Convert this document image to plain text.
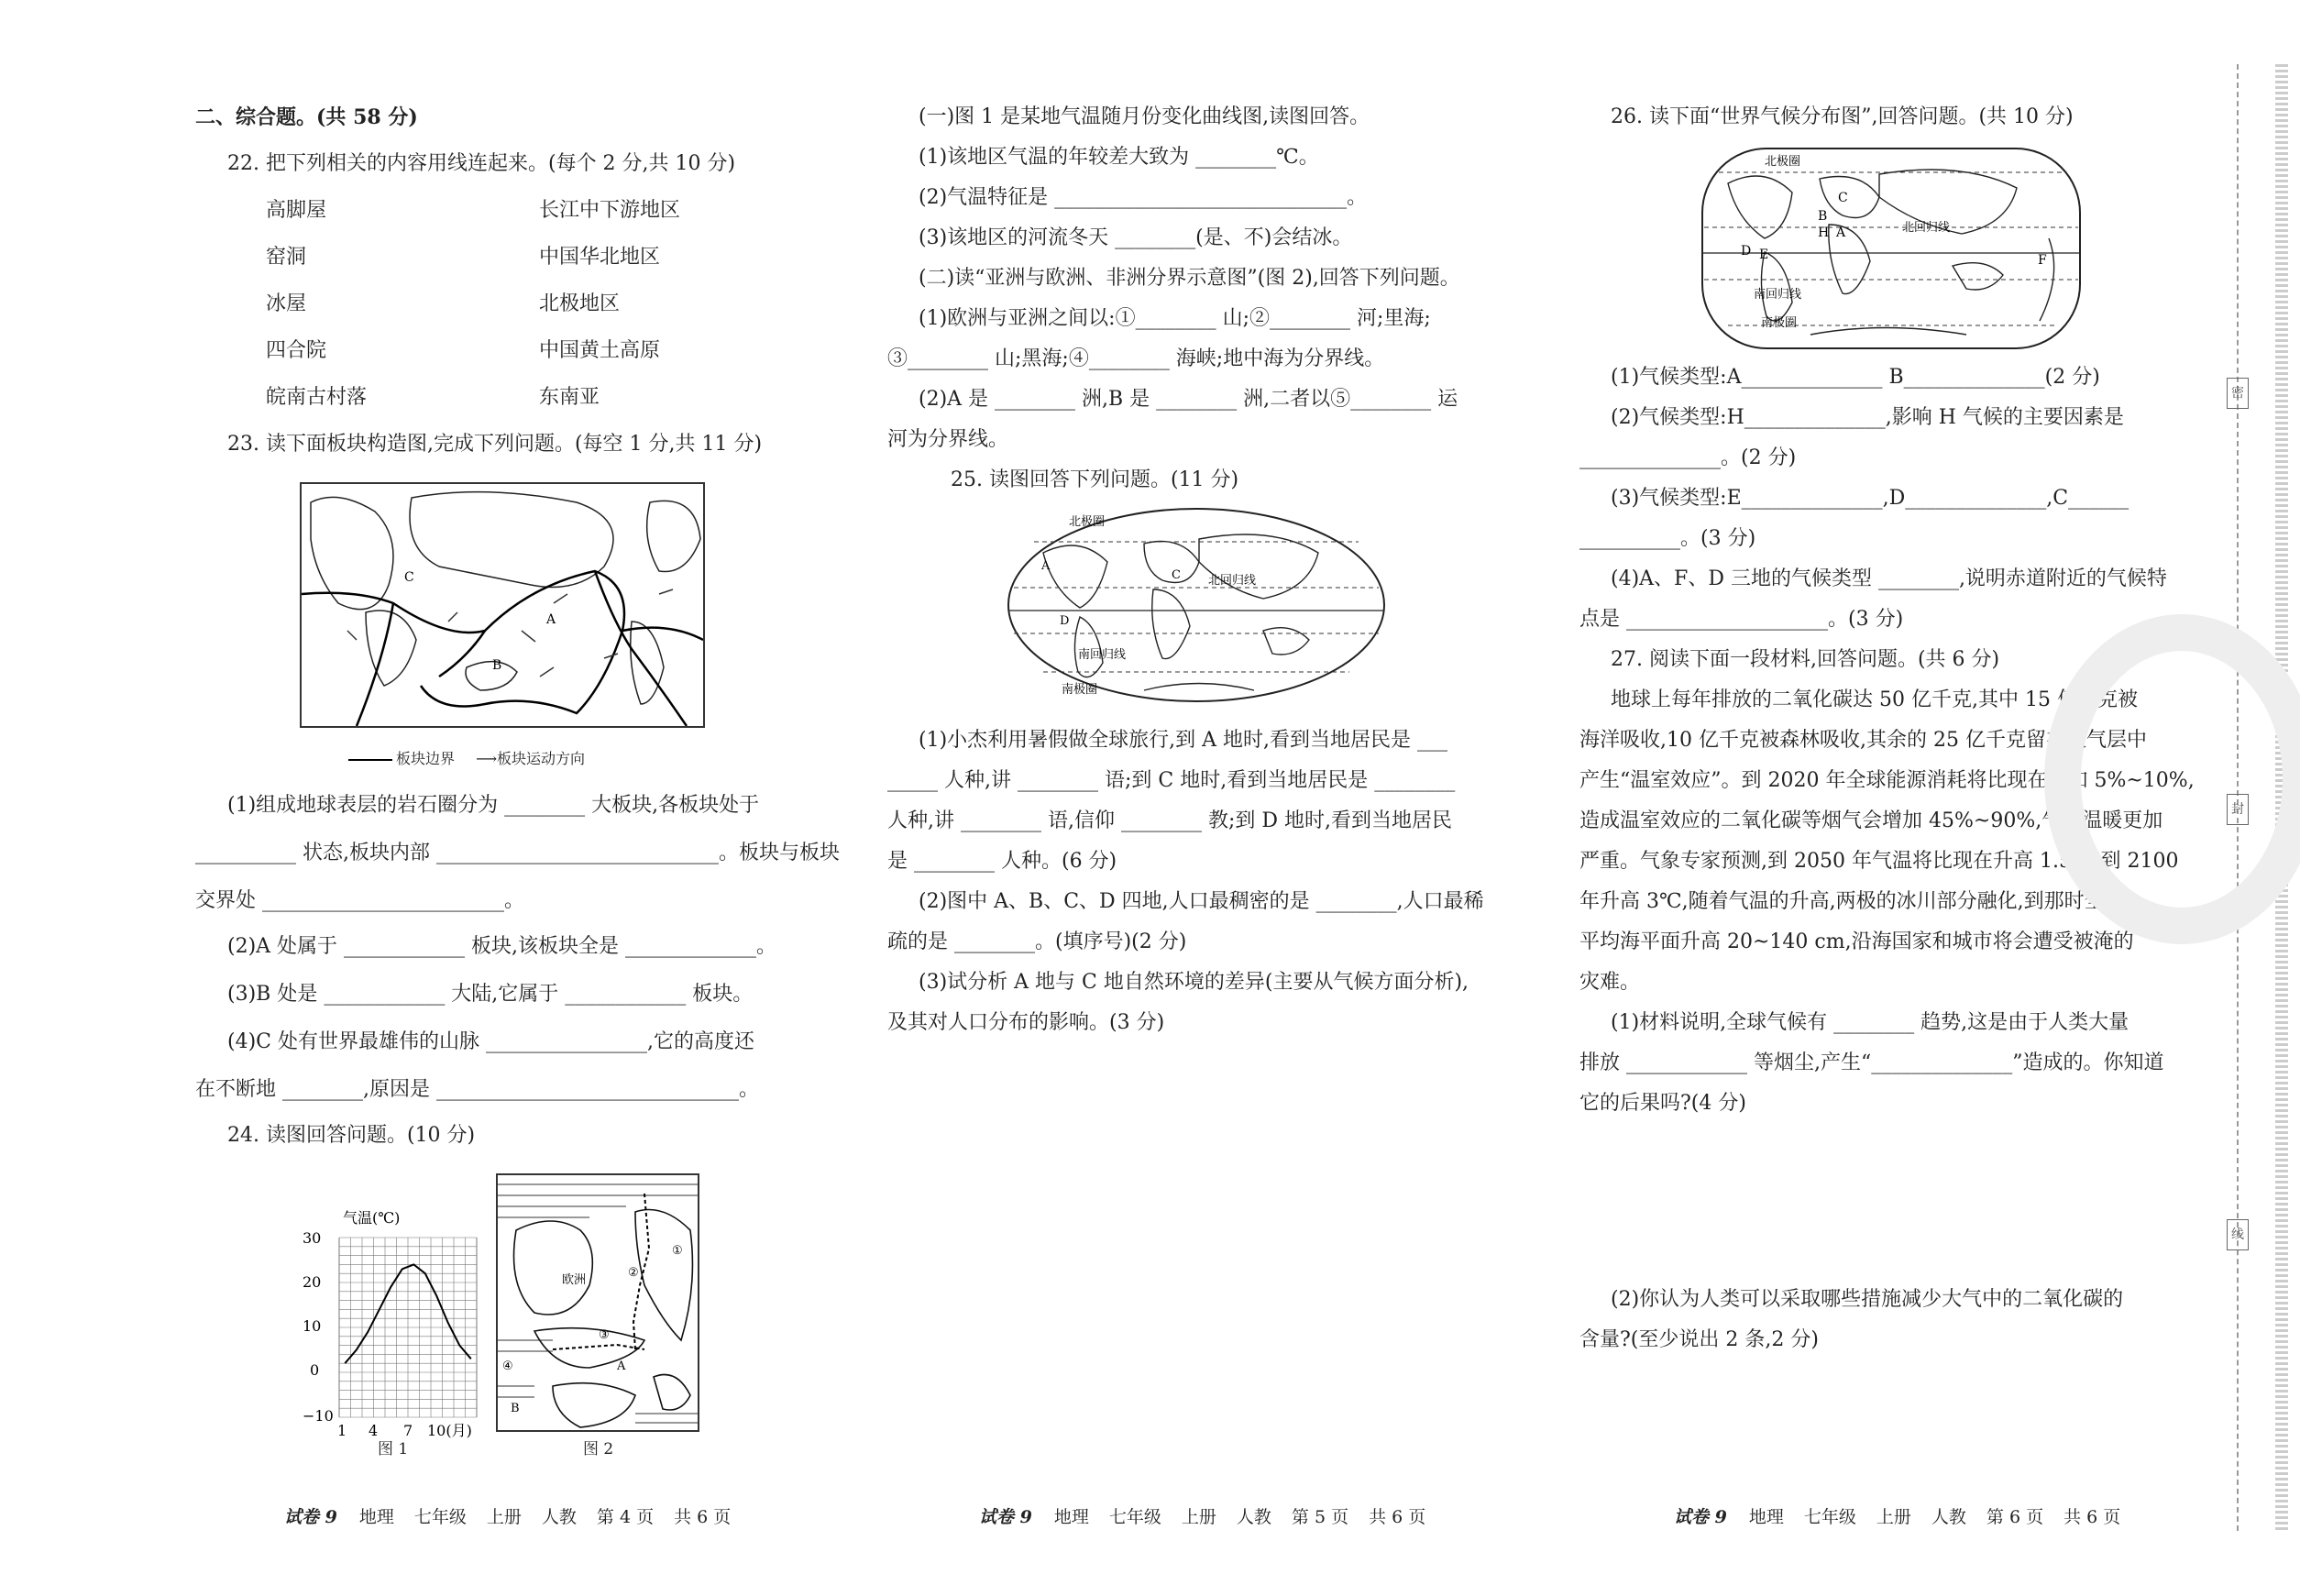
二、综合题。(共 58 分)
22. 把下列相关的内容用线连起来。(每个 2 分,共 10 分)
高脚屋
窑洞
冰屋
四合院
皖南古村落
长江中下游地区
中国华北地区
北极地区
中国黄土高原
东南亚
23. 读下面板块构造图,完成下列问题。(每空 1 分,共 11 分)
C
A
B
板块边界 ⟶板块运动方向
(1)组成地球表层的岩石圈分为 ________ 大板块,各板块处于
__________ 状态,板块内部 ____________________________。板块与板块
交界处 ________________________。
(2)A 处属于 ____________ 板块,该板块全是 _____________。
(3)B 处是 ____________ 大陆,它属于 ____________ 板块。
(4)C 处有世界最雄伟的山脉 ________________,它的高度还
在不断地 ________,原因是 ______________________________。
24. 读图回答问题。(10 分)
气温(℃)
30
20
10
0
−10
1 4 7 10(月)
图 1
欧洲
①
②
③
④	A
B
图 2
试卷 9 地理 七年级 上册 人教 第 4 页 共 6 页
(一)图 1 是某地气温随月份变化曲线图,读图回答。
(1)该地区气温的年较差大致为 ________℃。
(2)气温特征是 _____________________________。
(3)该地区的河流冬天 ________(是、不)会结冰。
(二)读“亚洲与欧洲、非洲分界示意图”(图 2),回答下列问题。
(1)欧洲与亚洲之间以:①________ 山;②________ 河;里海;
③________ 山;黑海;④________ 海峡;地中海为分界线。
(2)A 是 ________ 洲,B 是 ________ 洲,二者以⑤________ 运
河为分界线。
25. 读图回答下列问题。(11 分)
北极圈
北回归线
南回归线
南极圈
A
C
D
(1)小杰利用暑假做全球旅行,到 A 地时,看到当地居民是 ___
_____ 人种,讲 ________ 语;到 C 地时,看到当地居民是 ________
人种,讲 ________ 语,信仰 ________ 教;到 D 地时,看到当地居民
是 ________ 人种。(6 分)
(2)图中 A、B、C、D 四地,人口最稠密的是 ________,人口最稀
疏的是 ________。(填序号)(2 分)
(3)试分析 A 地与 C 地自然环境的差异(主要从气候方面分析),
及其对人口分布的影响。(3 分)
试卷 9 地理 七年级 上册 人教 第 5 页 共 6 页
26. 读下面“世界气候分布图”,回答问题。(共 10 分)
北极圈
北回归线
南回归线
南极圈
C
B
H A
D E	F
(1)气候类型:A______________ B______________(2 分)
(2)气候类型:H______________,影响 H 气候的主要因素是
______________。(2 分)
(3)气候类型:E______________,D______________,C______
__________。(3 分)
(4)A、F、D 三地的气候类型 ________,说明赤道附近的气候特
点是 ____________________。(3 分)
27. 阅读下面一段材料,回答问题。(共 6 分)
地球上每年排放的二氧化碳达 50 亿千克,其中 15 亿千克被
海洋吸收,10 亿千克被森林吸收,其余的 25 亿千克留在大气层中
产生“温室效应”。到 2020 年全球能源消耗将比现在增加 5%~10%,
造成温室效应的二氧化碳等烟气会增加 45%~90%,气候温暖更加
严重。气象专家预测,到 2050 年气温将比现在升高 1.5℃,到 2100
年升高 3℃,随着气温的升高,两极的冰川部分融化,到那时全球
平均海平面升高 20~140 cm,沿海国家和城市将会遭受被淹的
灾难。
(1)材料说明,全球气候有 ________ 趋势,这是由于人类大量
排放 ____________ 等烟尘,产生“______________”造成的。你知道
它的后果吗?(4 分)
(2)你认为人类可以采取哪些措施减少大气中的二氧化碳的
含量?(至少说出 2 条,2 分)
试卷 9 地理 七年级 上册 人教 第 6 页 共 6 页
密
封
线
